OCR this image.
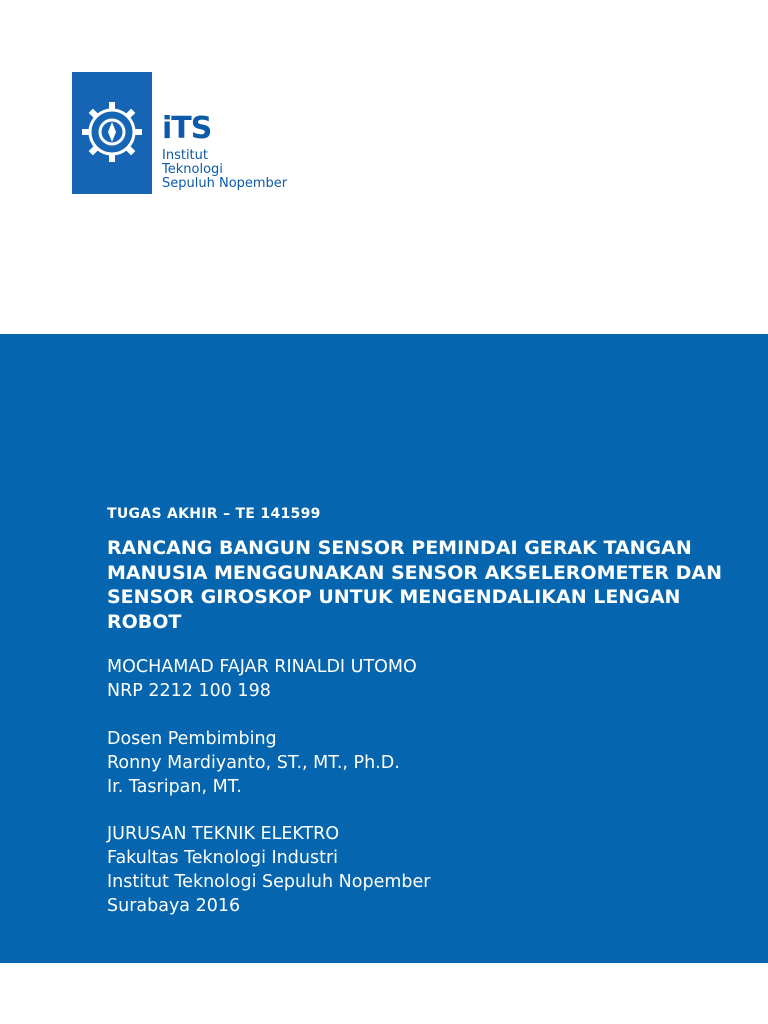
iTS
Institut
Teknologi
Sepuluh Nopember
TUGAS AKHIR – TE 141599
RANCANG BANGUN SENSOR PEMINDAI GERAK TANGAN
MANUSIA MENGGUNAKAN SENSOR AKSELEROMETER DAN
SENSOR GIROSKOP UNTUK MENGENDALIKAN LENGAN
ROBOT
MOCHAMAD FAJAR RINALDI UTOMO
NRP 2212 100 198
Dosen Pembimbing
Ronny Mardiyanto, ST., MT., Ph.D.
Ir. Tasripan, MT.
JURUSAN TEKNIK ELEKTRO
Fakultas Teknologi Industri
Institut Teknologi Sepuluh Nopember
Surabaya 2016
